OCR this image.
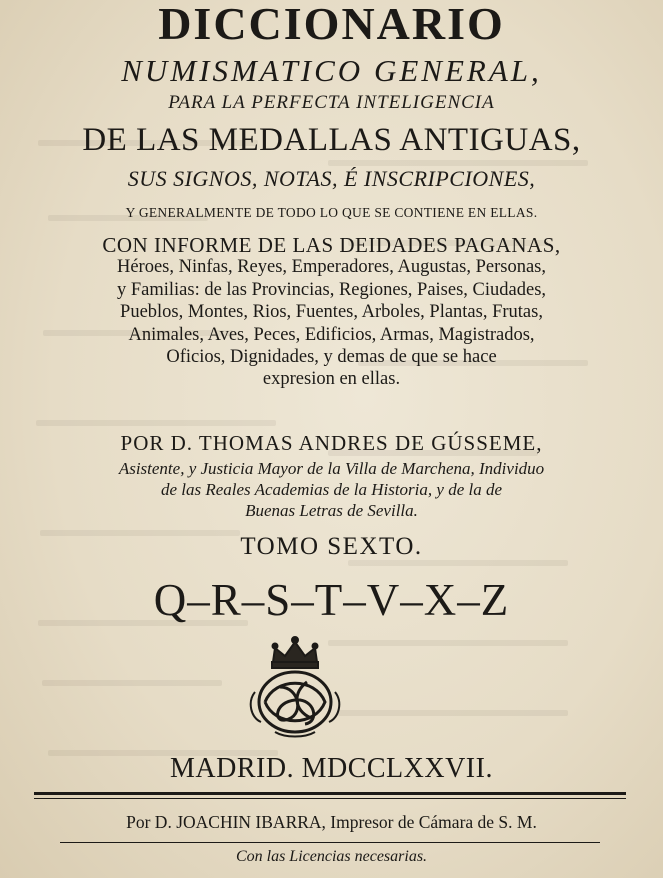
DICCIONARIO
NUMISMATICO GENERAL,
PARA LA PERFECTA INTELIGENCIA
DE LAS MEDALLAS ANTIGUAS,
SUS SIGNOS, NOTAS, É INSCRIPCIONES,
Y GENERALMENTE DE TODO LO QUE SE CONTIENE EN ELLAS.
CON INFORME DE LAS DEIDADES PAGANAS,
Héroes, Ninfas, Reyes, Emperadores, Augustas, Personas,
y Familias: de las Provincias, Regiones, Paises, Ciudades,
Pueblos, Montes, Rios, Fuentes, Arboles, Plantas, Frutas,
Animales, Aves, Peces, Edificios, Armas, Magistrados,
Oficios, Dignidades, y demas de que se hace
expresion en ellas.
POR D. THOMAS ANDRES DE GÚSSEME,
Asistente, y Justicia Mayor de la Villa de Marchena, Individuo
de las Reales Academias de la Historia, y de la de
Buenas Letras de Sevilla.
TOMO SEXTO.
Q–R–S–T–V–X–Z
MADRID. MDCCLXXVII.
Por D. JOACHIN IBARRA, Impresor de Cámara de S. M.
Con las Licencias necesarias.
